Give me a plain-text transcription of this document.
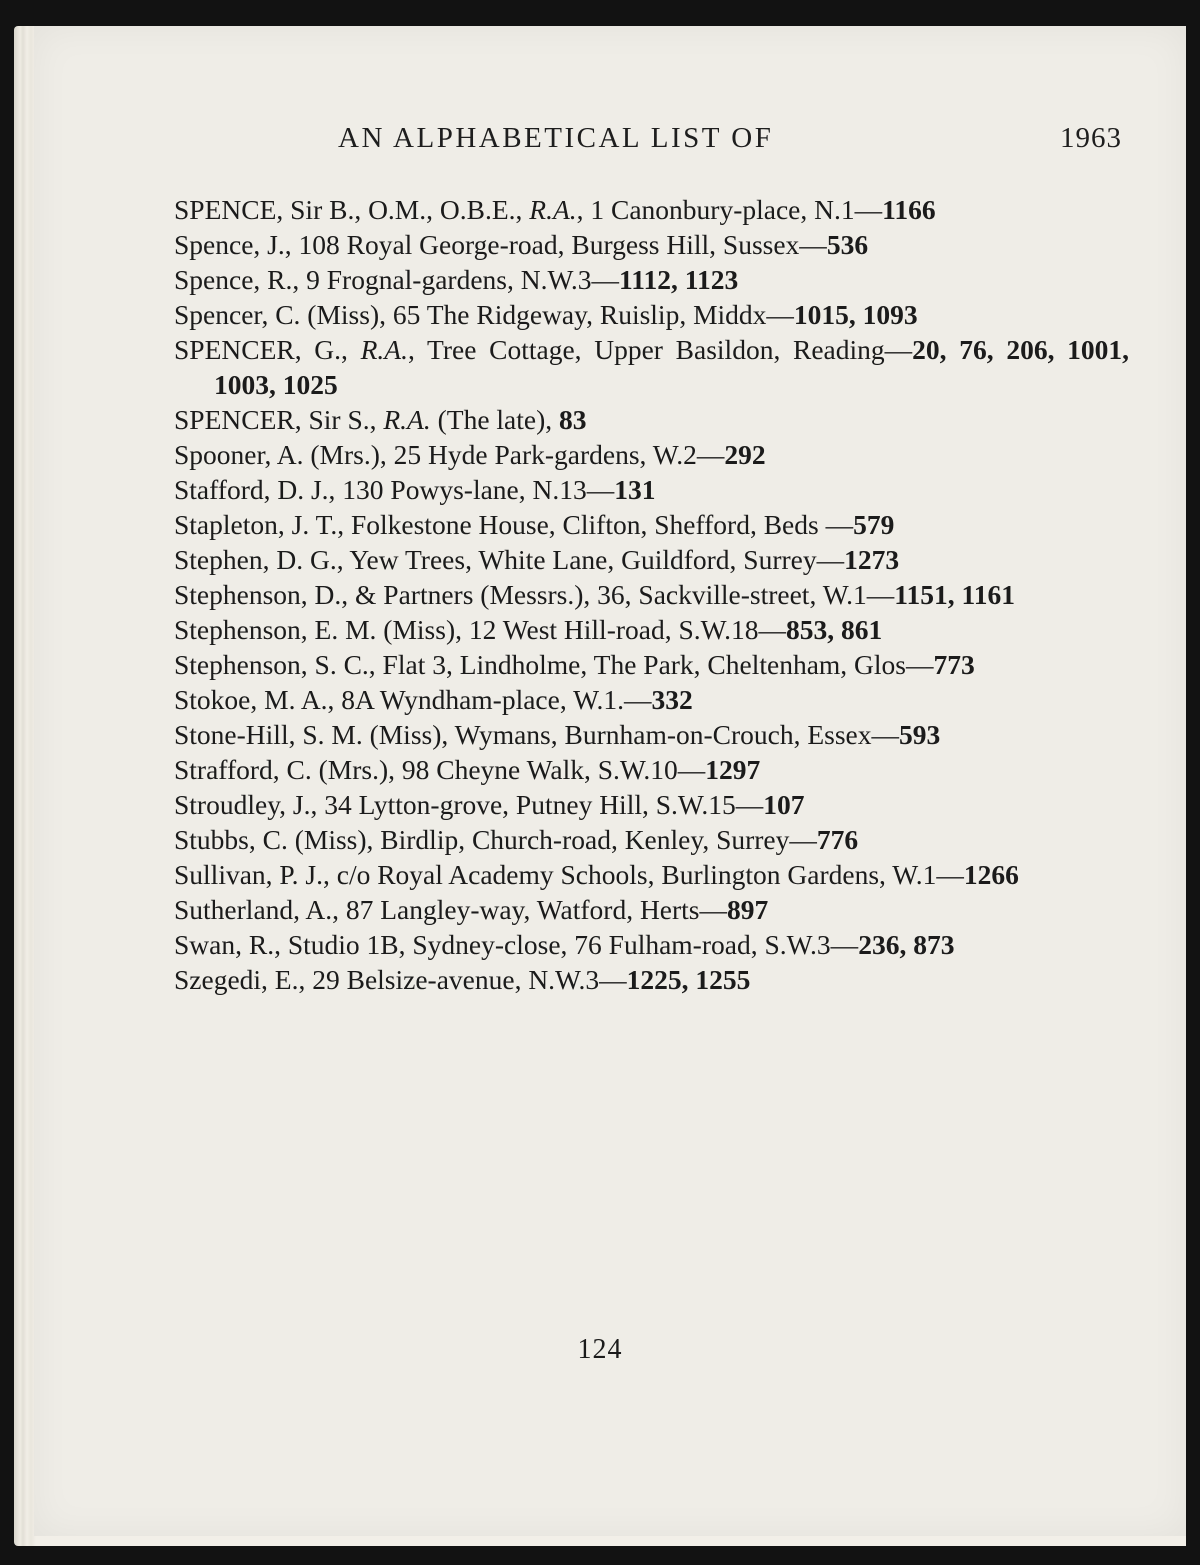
AN ALPHABETICAL LIST OF	1963

SPENCE, Sir B., O.M., O.B.E., R.A., 1 Canonbury-place, N.1—1166

Spence, J., 108 Royal George-road, Burgess Hill, Sussex—536

Spence, R., 9 Frognal-gardens, N.W.3—1112, 1123

Spencer, C. (Miss), 65 The Ridgeway, Ruislip, Middx—1015, 1093

SPENCER, G., R.A., Tree Cottage, Upper Basildon, Reading—20, 76, 206, 1001, 1003, 1025

SPENCER, Sir S., R.A. (The late), 83

Spooner, A. (Mrs.), 25 Hyde Park-gardens, W.2—292

Stafford, D. J., 130 Powys-lane, N.13—131

Stapleton, J. T., Folkestone House, Clifton, Shefford, Beds —579

Stephen, D. G., Yew Trees, White Lane, Guildford, Surrey—1273

Stephenson, D., & Partners (Messrs.), 36, Sackville-street, W.1—1151, 1161

Stephenson, E. M. (Miss), 12 West Hill-road, S.W.18—853, 861

Stephenson, S. C., Flat 3, Lindholme, The Park, Cheltenham, Glos—773

Stokoe, M. A., 8A Wyndham-place, W.1.—332

Stone-Hill, S. M. (Miss), Wymans, Burnham-on-Crouch, Essex—593

Strafford, C. (Mrs.), 98 Cheyne Walk, S.W.10—1297

Stroudley, J., 34 Lytton-grove, Putney Hill, S.W.15—107

Stubbs, C. (Miss), Birdlip, Church-road, Kenley, Surrey—776

Sullivan, P. J., c/o Royal Academy Schools, Burlington Gardens, W.1—1266

Sutherland, A., 87 Langley-way, Watford, Herts—897

Swan, R., Studio 1B, Sydney-close, 76 Fulham-road, S.W.3—236, 873

Szegedi, E., 29 Belsize-avenue, N.W.3—1225, 1255

124
